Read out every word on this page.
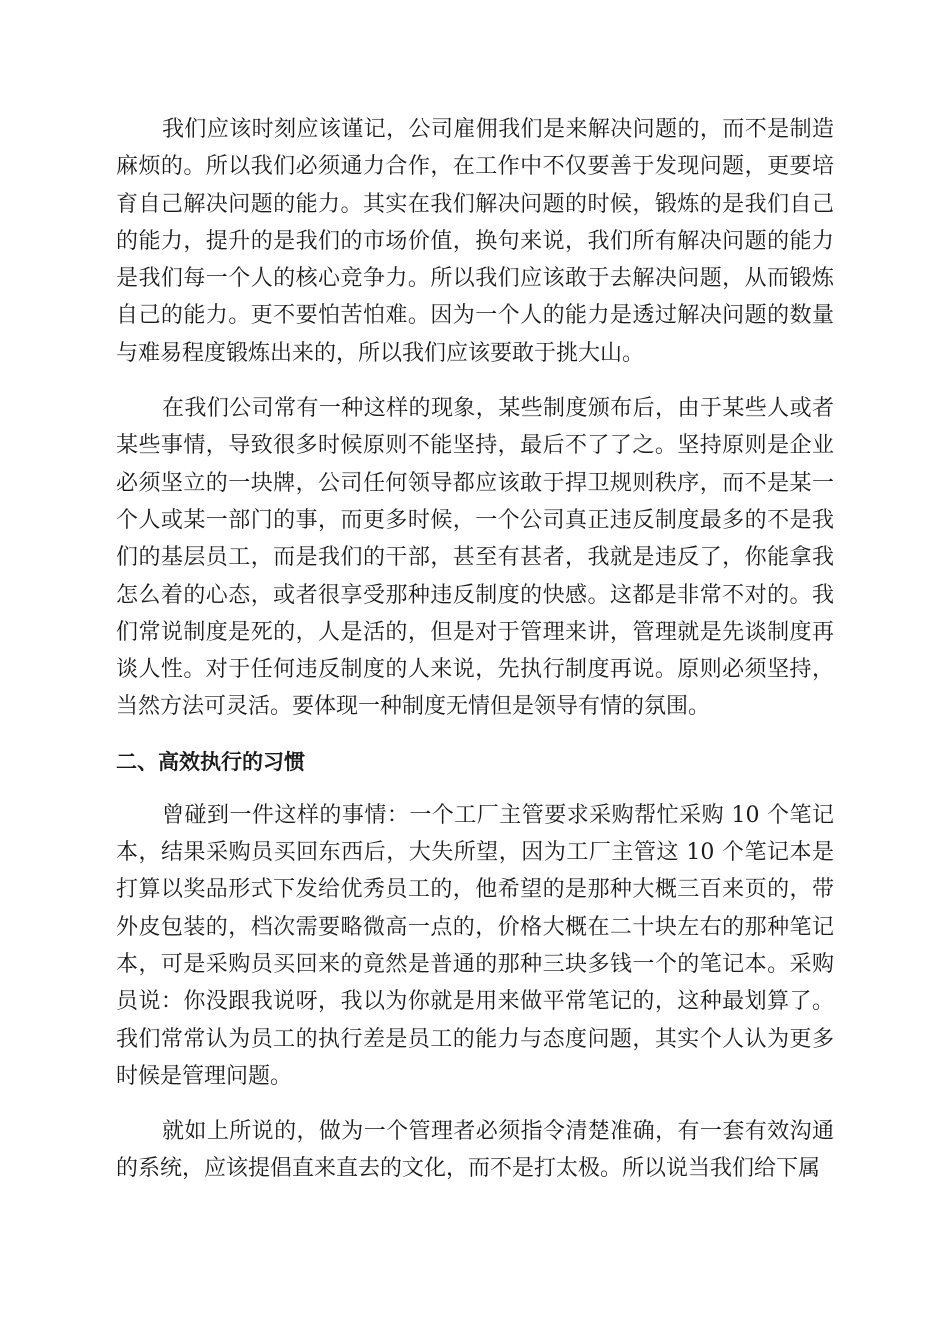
我们应该时刻应该谨记，公司雇佣我们是来解决问题的，而不是制造麻烦的。所以我们必须通力合作，在工作中不仅要善于发现问题，更要培育自己解决问题的能力。其实在我们解决问题的时候，锻炼的是我们自己的能力，提升的是我们的市场价值，换句来说，我们所有解决问题的能力是我们每一个人的核心竞争力。所以我们应该敢于去解决问题，从而锻炼自己的能力。更不要怕苦怕难。因为一个人的能力是透过解决问题的数量与难易程度锻炼出来的，所以我们应该要敢于挑大山。

在我们公司常有一种这样的现象，某些制度颁布后，由于某些人或者某些事情，导致很多时候原则不能坚持，最后不了了之。坚持原则是企业必须坚立的一块牌，公司任何领导都应该敢于捍卫规则秩序，而不是某一个人或某一部门的事，而更多时候，一个公司真正违反制度最多的不是我们的基层员工，而是我们的干部，甚至有甚者，我就是违反了，你能拿我怎么着的心态，或者很享受那种违反制度的快感。这都是非常不对的。我们常说制度是死的，人是活的，但是对于管理来讲，管理就是先谈制度再谈人性。对于任何违反制度的人来说，先执行制度再说。原则必须坚持，当然方法可灵活。要体现一种制度无情但是领导有情的氛围。

二、高效执行的习惯

曾碰到一件这样的事情：一个工厂主管要求采购帮忙采购 10 个笔记本，结果采购员买回东西后，大失所望，因为工厂主管这 10 个笔记本是打算以奖品形式下发给优秀员工的，他希望的是那种大概三百来页的，带外皮包装的，档次需要略微高一点的，价格大概在二十块左右的那种笔记本，可是采购员买回来的竟然是普通的那种三块多钱一个的笔记本。采购员说：你没跟我说呀，我以为你就是用来做平常笔记的，这种最划算了。我们常常认为员工的执行差是员工的能力与态度问题，其实个人认为更多时候是管理问题。

就如上所说的，做为一个管理者必须指令清楚准确，有一套有效沟通的系统，应该提倡直来直去的文化，而不是打太极。所以说当我们给下属
